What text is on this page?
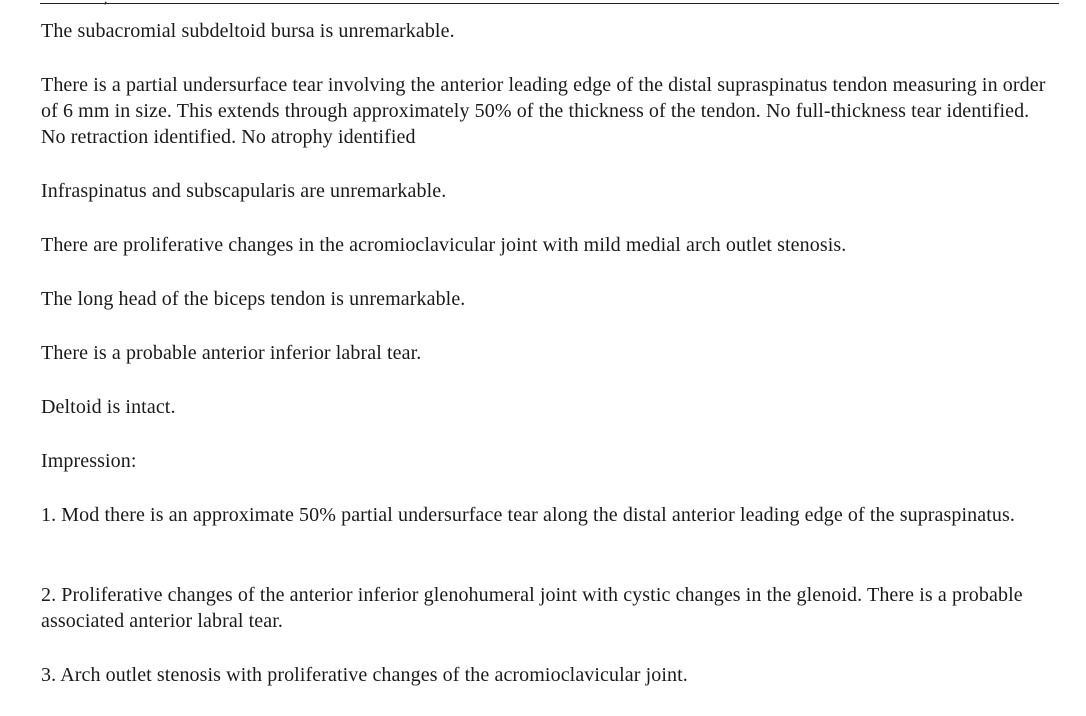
The subacromial subdeltoid bursa is unremarkable.

There is a partial undersurface tear involving the anterior leading edge of the distal supraspinatus tendon measuring in order of 6 mm in size. This extends through approximately 50% of the thickness of the tendon. No full-thickness tear identified. No retraction identified. No atrophy identified

Infraspinatus and subscapularis are unremarkable.

There are proliferative changes in the acromioclavicular joint with mild medial arch outlet stenosis.

The long head of the biceps tendon is unremarkable.

There is a probable anterior inferior labral tear.

Deltoid is intact.

Impression:

1. Mod there is an approximate 50% partial undersurface tear along the distal anterior leading edge of the supraspinatus.

2. Proliferative changes of the anterior inferior glenohumeral joint with cystic changes in the glenoid. There is a probable associated anterior labral tear.

3. Arch outlet stenosis with proliferative changes of the acromioclavicular joint.
